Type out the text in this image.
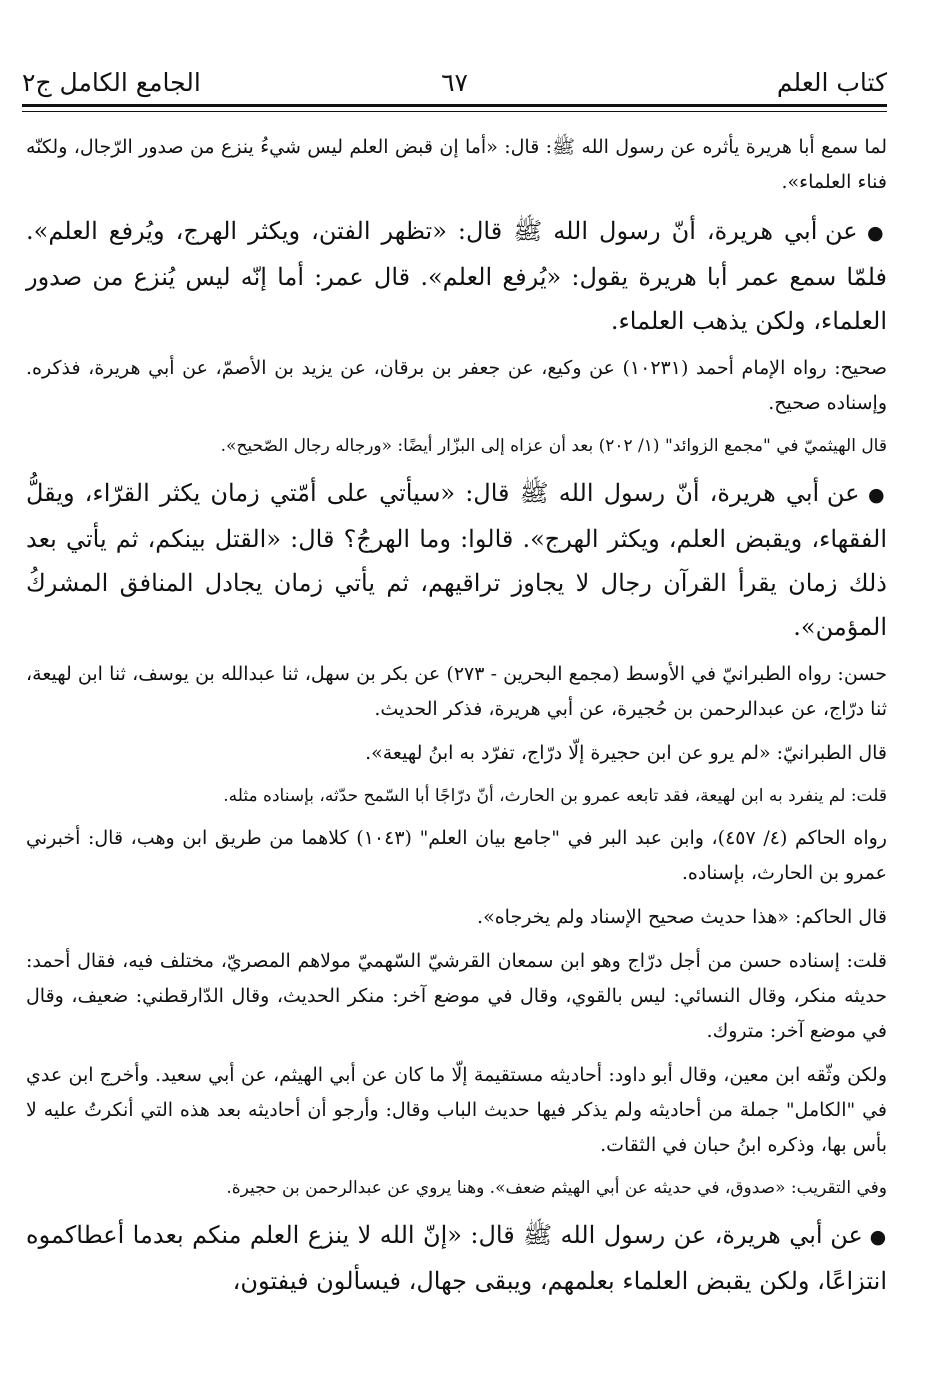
كتاب العلم
٦٧
الجامع الكامل ج٢

لما سمع أبا هريرة يأثره عن رسول الله ﷺ: قال: «أما إن قبض العلم ليس شيءُ ينزع من صدور الرّجال، ولكنّه فناء العلماء».

● عن أبي هريرة، أنّ رسول الله ﷺ قال: «تظهر الفتن، ويكثر الهرج، ويُرفع العلم». فلمّا سمع عمر أبا هريرة يقول: «يُرفع العلم». قال عمر: أما إنّه ليس يُنزع من صدور العلماء، ولكن يذهب العلماء.

صحيح: رواه الإمام أحمد (١٠٢٣١) عن وكيع، عن جعفر بن برقان، عن يزيد بن الأصمّ، عن أبي هريرة، فذكره. وإسناده صحيح.

قال الهيثميّ في "مجمع الزوائد" (١/ ٢٠٢) بعد أن عزاه إلى البزّار أيضًا: «ورجاله رجال الصّحيح».

● عن أبي هريرة، أنّ رسول الله ﷺ قال: «سيأتي على أمّتي زمان يكثر القرّاء، ويقلُّ الفقهاء، ويقبض العلم، ويكثر الهرج». قالوا: وما الهرجُ؟ قال: «القتل بينكم، ثم يأتي بعد ذلك زمان يقرأ القرآن رجال لا يجاوز تراقيهم، ثم يأتي زمان يجادل المنافق المشركُ المؤمن».

حسن: رواه الطبرانيّ في الأوسط (مجمع البحرين - ٢٧٣) عن بكر بن سهل، ثنا عبدالله بن يوسف، ثنا ابن لهيعة، ثنا درّاج، عن عبدالرحمن بن حُجيرة، عن أبي هريرة، فذكر الحديث.

قال الطبرانيّ: «لم يرو عن ابن حجيرة إلّا درّاج، تفرّد به ابنُ لهيعة».

قلت: لم ينفرد به ابن لهيعة، فقد تابعه عمرو بن الحارث، أنّ درّاجًا أبا السّمح حدّثه، بإسناده مثله.

رواه الحاكم (٤/ ٤٥٧)، وابن عبد البر في "جامع بيان العلم" (١٠٤٣) كلاهما من طريق ابن وهب، قال: أخبرني عمرو بن الحارث، بإسناده.

قال الحاكم: «هذا حديث صحيح الإسناد ولم يخرجاه».

قلت: إسناده حسن من أجل درّاج وهو ابن سمعان القرشيّ السّهميّ مولاهم المصريّ، مختلف فيه، فقال أحمد: حديثه منكر، وقال النسائي: ليس بالقوي، وقال في موضع آخر: منكر الحديث، وقال الدّارقطني: ضعيف، وقال في موضع آخر: متروك.

ولكن وثّقه ابن معين، وقال أبو داود: أحاديثه مستقيمة إلّا ما كان عن أبي الهيثم، عن أبي سعيد. وأخرج ابن عدي في "الكامل" جملة من أحاديثه ولم يذكر فيها حديث الباب وقال: وأرجو أن أحاديثه بعد هذه التي أنكرتُ عليه لا بأس بها، وذكره ابنُ حبان في الثقات.

وفي التقريب: «صدوق، في حديثه عن أبي الهيثم ضعف». وهنا يروي عن عبدالرحمن بن حجيرة.

● عن أبي هريرة، عن رسول الله ﷺ قال: «إنّ الله لا ينزع العلم منكم بعدما أعطاكموه انتزاعًا، ولكن يقبض العلماء بعلمهم، ويبقى جهال، فيسألون فيفتون،
